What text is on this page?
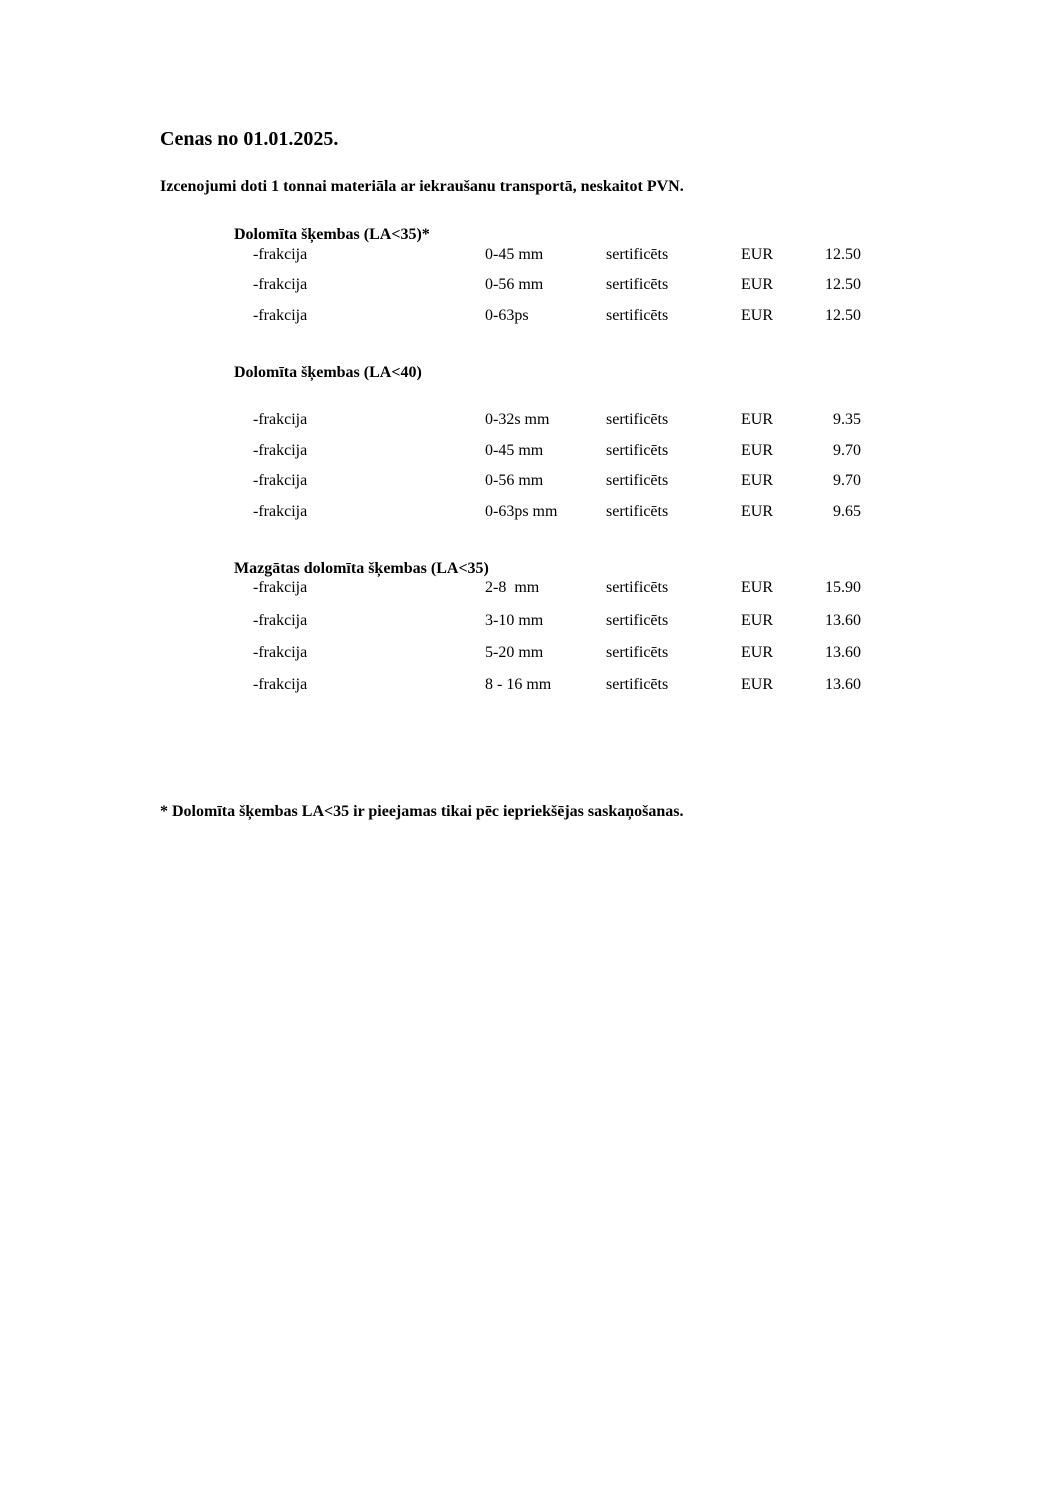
Cenas no 01.01.2025.
Izcenojumi doti 1 tonnai materiāla ar iekraušanu transportā, neskaitot PVN.
Dolomīta šķembas (LA<35)*
-frakcija	0-45 mm	sertificēts	EUR	12.50
-frakcija	0-56 mm	sertificēts	EUR	12.50
-frakcija	0-63ps	sertificēts	EUR	12.50
Dolomīta šķembas (LA<40)
-frakcija	0-32s mm	sertificēts	EUR	9.35
-frakcija	0-45 mm	sertificēts	EUR	9.70
-frakcija	0-56 mm	sertificēts	EUR	9.70
-frakcija	0-63ps mm	sertificēts	EUR	9.65
Mazgātas dolomīta šķembas (LA<35)
-frakcija	2-8  mm	sertificēts	EUR	15.90
-frakcija	3-10 mm	sertificēts	EUR	13.60
-frakcija	5-20 mm	sertificēts	EUR	13.60
-frakcija	8 - 16 mm	sertificēts	EUR	13.60
* Dolomīta šķembas LA<35 ir pieejamas tikai pēc iepriekšējas saskaņošanas.
